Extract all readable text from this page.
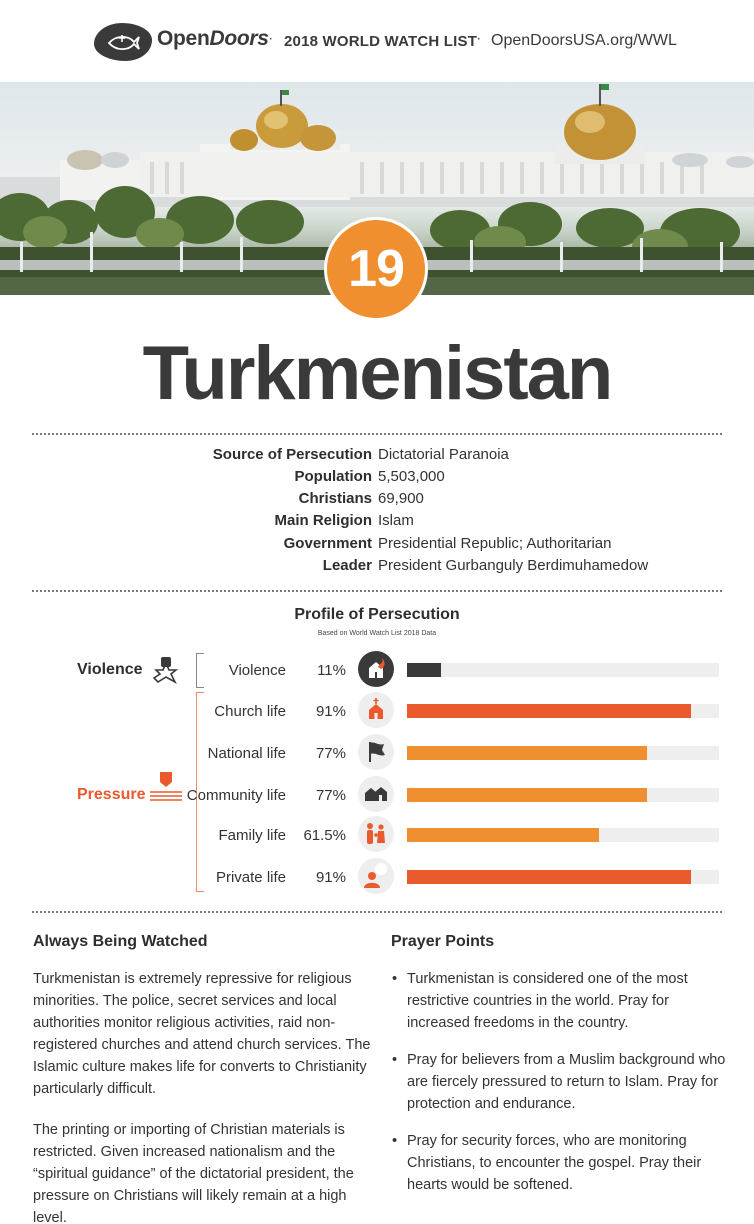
OpenDoors · 2018 WORLD WATCH LIST
· OpenDoorsUSA.org/WWL
19
Turkmenistan
Source of Persecution Dictatorial Paranoia
Population 5,503,000
Christians 69,900
Main Religion Islam
Government Presidential Republic; Authoritarian
Leader President Gurbanguly Berdimuhamedow
Profile of Persecution
Based on World Watch List 2018 Data
Violence
Pressure
Violence 11%
Church life 91%
National life 77%
Community life 77%
Family life 61.5%
Private life 91%
Always Being Watched
Turkmenistan is extremely repressive for religious minorities. The police, secret services and local authorities monitor religious activities, raid non-registered churches and attend church services. The Islamic culture makes life for converts to Christianity particularly difficult.
The printing or importing of Christian materials is restricted. Given increased nationalism and the “spiritual guidance” of the dictatorial president, the pressure on Christians will likely remain at a high level.
Prayer Points
• Turkmenistan is considered one of the most restrictive countries in the world. Pray for increased freedoms in the country.
• Pray for believers from a Muslim background who are fiercely pressured to return to Islam. Pray for protection and endurance.
• Pray for security forces, who are monitoring Christians, to encounter the gospel. Pray their hearts would be softened.
